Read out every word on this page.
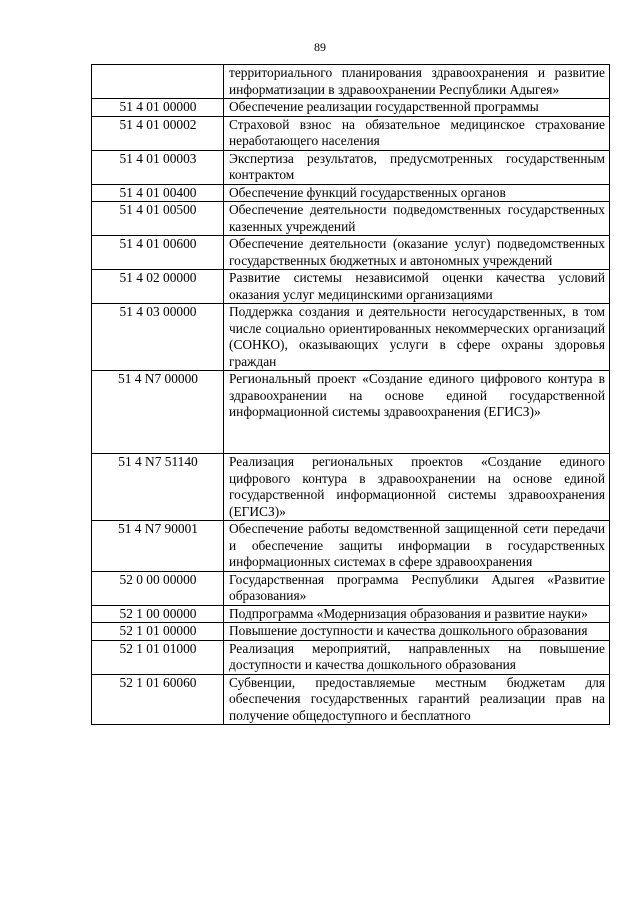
89

	территориального планирования здравоохранения и развитие информатизации в здравоохранении Республики Адыгея»

51 4 01 00000	Обеспечение реализации государственной программы

51 4 01 00002	Страховой взнос на обязательное медицинское страхование неработающего населения

51 4 01 00003	Экспертиза результатов, предусмотренных государственным контрактом

51 4 01 00400	Обеспечение функций государственных органов

51 4 01 00500	Обеспечение деятельности подведомственных государственных казенных учреждений

51 4 01 00600	Обеспечение деятельности (оказание услуг) подведомственных государственных бюджетных и автономных учреждений

51 4 02 00000	Развитие системы независимой оценки качества условий оказания услуг медицинскими организациями

51 4 03 00000	Поддержка создания и деятельности негосударственных, в том числе социально ориентированных некоммерческих организаций (СОНКО), оказывающих услуги в сфере охраны здоровья граждан

51 4 N7 00000	Региональный проект «Создание единого цифрового контура в здравоохранении на основе единой государственной информационной системы здравоохранения (ЕГИСЗ)»

51 4 N7 51140	Реализация региональных проектов «Создание единого цифрового контура в здравоохранении на основе единой государственной информационной системы здравоохранения (ЕГИСЗ)»

51 4 N7 90001	Обеспечение работы ведомственной защищенной сети передачи и обеспечение защиты информации в государственных информационных системах в сфере здравоохранения

52 0 00 00000	Государственная программа Республики Адыгея «Развитие образования»

52 1 00 00000	Подпрограмма «Модернизация образования и развитие науки»

52 1 01 00000	Повышение доступности и качества дошкольного образования

52 1 01 01000	Реализация мероприятий, направленных на повышение доступности и качества дошкольного образования

52 1 01 60060	Субвенции, предоставляемые местным бюджетам для обеспечения государственных гарантий реализации прав на получение общедоступного и бесплатного
